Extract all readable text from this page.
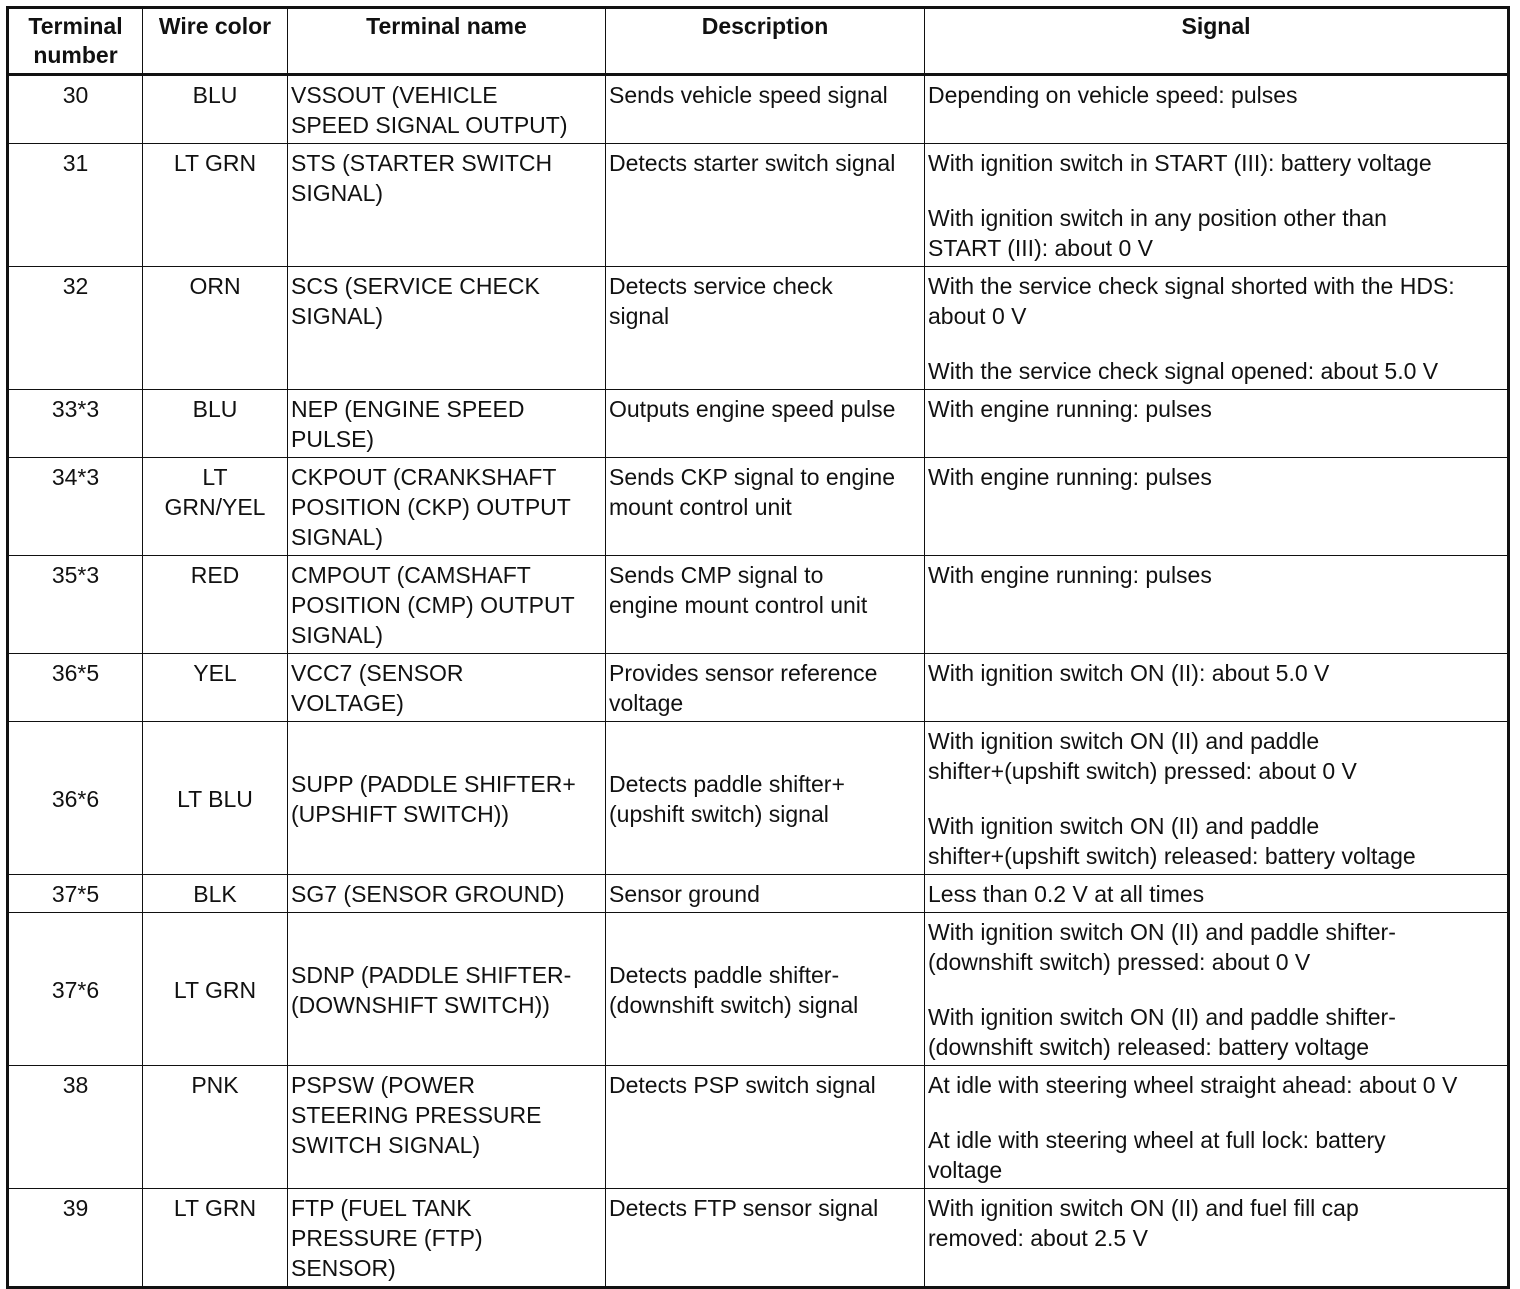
Terminal
number	Wire color	Terminal name	Description	Signal

30	BLU	VSSOUT (VEHICLE
SPEED SIGNAL OUTPUT)	Sends vehicle speed signal	Depending on vehicle speed: pulses

31	LT GRN	STS (STARTER SWITCH
SIGNAL)	Detects starter switch signal	With ignition switch in START (III): battery voltage
With ignition switch in any position other than
START (III): about 0 V

32	ORN	SCS (SERVICE CHECK
SIGNAL)	Detects service check
signal	With the service check signal shorted with the HDS:
about 0 V
With the service check signal opened: about 5.0 V

33*3	BLU	NEP (ENGINE SPEED
PULSE)	Outputs engine speed pulse	With engine running: pulses

34*3	LT
GRN/YEL	CKPOUT (CRANKSHAFT
POSITION (CKP) OUTPUT
SIGNAL)	Sends CKP signal to engine
mount control unit	With engine running: pulses

35*3	RED	CMPOUT (CAMSHAFT
POSITION (CMP) OUTPUT
SIGNAL)	Sends CMP signal to
engine mount control unit	With engine running: pulses

36*5	YEL	VCC7 (SENSOR
VOLTAGE)	Provides sensor reference
voltage	With ignition switch ON (II): about 5.0 V

36*6	LT BLU	SUPP (PADDLE SHIFTER+
(UPSHIFT SWITCH))	Detects paddle shifter+
(upshift switch) signal	With ignition switch ON (II) and paddle
shifter+(upshift switch) pressed: about 0 V
With ignition switch ON (II) and paddle
shifter+(upshift switch) released: battery voltage

37*5	BLK	SG7 (SENSOR GROUND)	Sensor ground	Less than 0.2 V at all times

37*6	LT GRN	SDNP (PADDLE SHIFTER-
(DOWNSHIFT SWITCH))	Detects paddle shifter-
(downshift switch) signal	With ignition switch ON (II) and paddle shifter-
(downshift switch) pressed: about 0 V
With ignition switch ON (II) and paddle shifter-
(downshift switch) released: battery voltage

38	PNK	PSPSW (POWER
STEERING PRESSURE
SWITCH SIGNAL)	Detects PSP switch signal	At idle with steering wheel straight ahead: about 0 V
At idle with steering wheel at full lock: battery
voltage

39	LT GRN	FTP (FUEL TANK
PRESSURE (FTP)
SENSOR)	Detects FTP sensor signal	With ignition switch ON (II) and fuel fill cap
removed: about 2.5 V
